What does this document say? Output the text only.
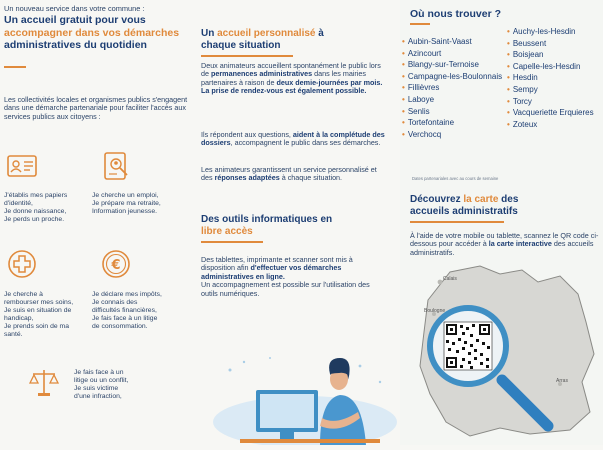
Un nouveau service dans votre commune :
Un accueil gratuit pour vous
accompagner dans vos démarches
administratives du quotidien
Les collectivités locales et organismes publics s'engagent dans une démarche partenariale pour faciliter l'accès aux services publics aux citoyens :
J'établis mes papiers
d'identité,
Je donne naissance,
Je perds un proche.
Je cherche un emploi,
Je prépare ma retraite,
Information jeunesse.
Je cherche à
rembourser mes soins,
Je suis en situation de
handicap,
Je prends soin de ma
santé.
€
Je déclare mes impôts,
Je connais des
difficultés financières,
Je fais face à un litige
de consommation.
Je fais face à un
litige ou un conflit,
Je suis victime
d'une infraction,
Un accueil personnalisé à
chaque situation
Deux animateurs accueillent spontanément le public lors de permanences administratives dans les mairies partenaires à raison de deux demie-journées par mois.
La prise de rendez-vous est également possible.
Ils répondent aux questions, aident à la complétude des dossiers, accompagnent le public dans ses démarches.
Les animateurs garantissent un service personnalisé et des réponses adaptées à chaque situation.
Des outils informatiques en
libre accès
Des tablettes, imprimante et scanner sont mis à disposition afin d'effectuer vos démarches administratives en ligne.
Un accompagnement est possible sur l'utilisation des outils numériques.
Où nous trouver ?
• Aubin-Saint-Vaast
• Azincourt
• Blangy-sur-Ternoise
• Campagne-les-Boulonnais
• Fillièvres
• Laboye
• Senlis
• Tortefontaine
• Verchocq
• Auchy-les-Hesdin
• Beussent
• Boisjean
• Capelle-les-Hesdin
• Hesdin
• Sempy
• Torcy
• Vacqueriette Erquieres
• Zoteux
Dates partenariales avec au cours de semaine
Découvrez la carte des
accueils administratifs
À l'aide de votre mobile ou tablette, scannez le QR code ci-dessous pour accéder à la carte interactive des accueils administratifs.
Calais
Boulogne
Arras
